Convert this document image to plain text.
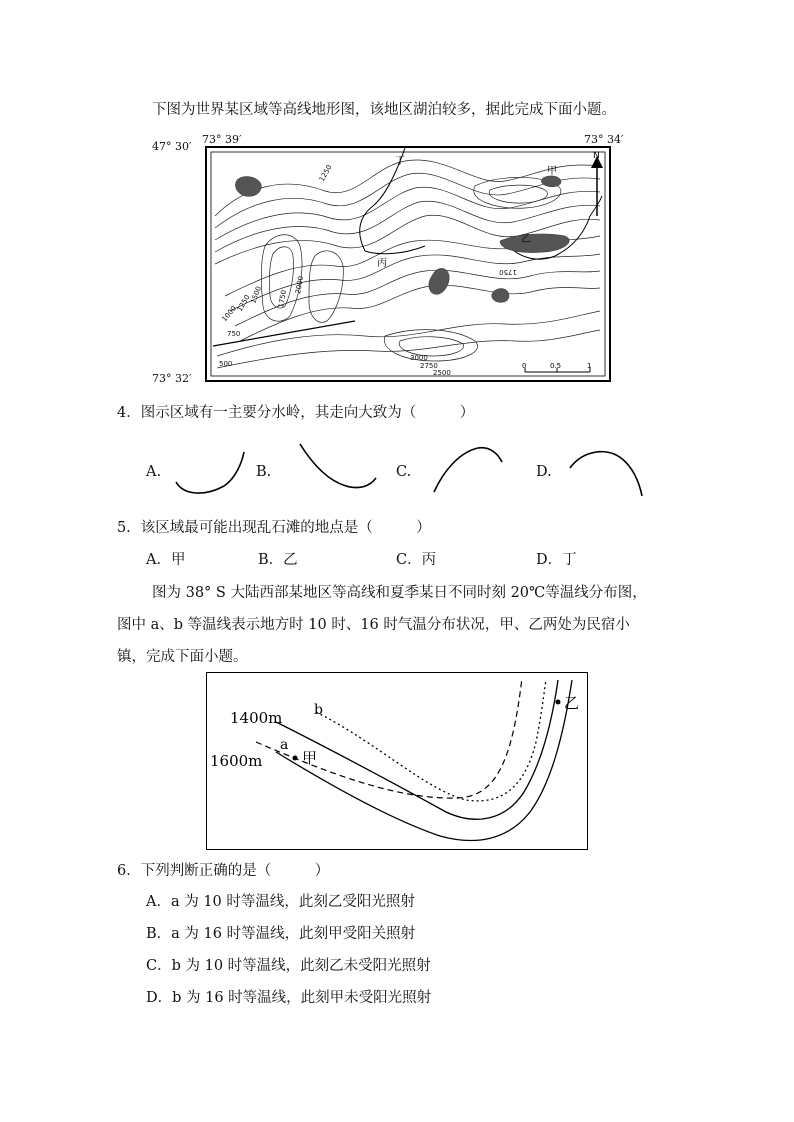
下图为世界某区域等高线地形图，该地区湖泊较多，据此完成下面小题。
47° 30′
73° 39′	73° 34′
73° 32′
N
甲
乙
丙
丁
2000
1750
1500
1250
1000
750
500
1250
3000
2750
2500
1750
0	0.5	1
4．图示区域有一主要分水岭，其走向大致为（　　　）
A.	B.	C.	D.
5．该区域最可能出现乱石滩的地点是（　　　）
A．甲	B．乙	C．丙	D．丁
图为 38° S 大陆西部某地区等高线和夏季某日不同时刻 20℃等温线分布图，
图中 a、b 等温线表示地方时 10 时、16 时气温分布状况，甲、乙两处为民宿小
镇，完成下面小题。
1400m
1600m
a
b
甲
乙
6．下列判断正确的是（　　　）
A．a 为 10 时等温线，此刻乙受阳光照射
B．a 为 16 时等温线，此刻甲受阳关照射
C．b 为 10 时等温线，此刻乙未受阳光照射
D．b 为 16 时等温线，此刻甲未受阳光照射
